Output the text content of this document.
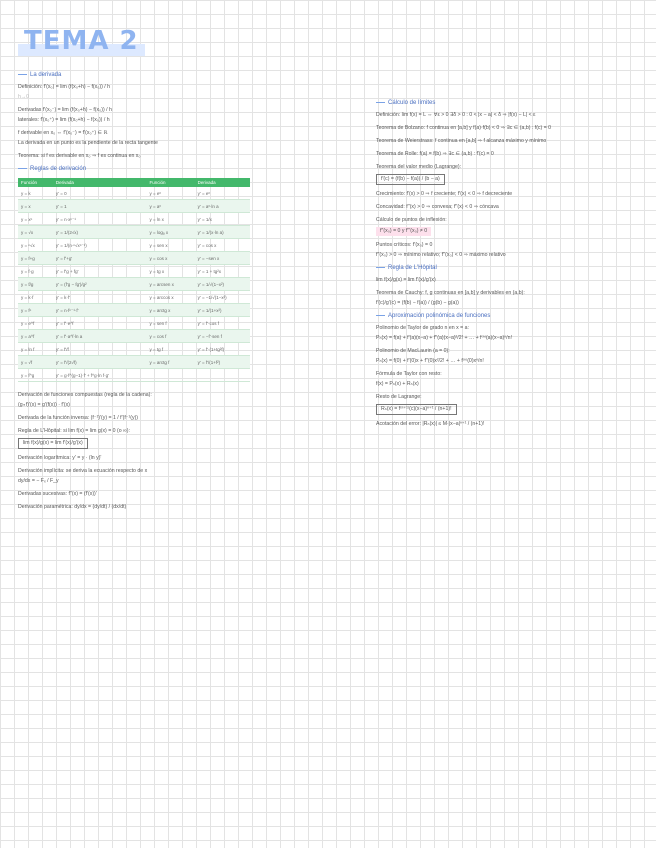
TEMA 2
La derivada
Definición: f'(x₀) = lim (f(x₀+h) − f(x₀)) / h
h→0
Derivadas f'(x₀⁻) = lim (f(x₀+h) − f(x₀)) / h
laterales: f'(x₀⁺) = lim (f(x₀+h) − f(x₀)) / h
f derivable en x₀ ⇔ f'(x₀⁻) = f'(x₀⁺) ∈ ℝ
La derivada en un punto es la pendiente de la recta tangente
Teorema: si f es derivable en x₀ ⇒ f es continua en x₀
Reglas de derivación
Función	Derivada	Función	Derivada
y = k	y' = 0	y = eˣ	y' = eˣ
y = x	y' = 1	y = aˣ	y' = aˣ·ln a
y = xⁿ	y' = n·xⁿ⁻¹	y = ln x	y' = 1/x
y = √x	y' = 1/(2√x)	y = logₐ x	y' = 1/(x·ln a)
y = ⁿ√x	y' = 1/(n·ⁿ√xⁿ⁻¹)	y = sen x	y' = cos x
y = f+g	y' = f'+g'	y = cos x	y' = −sen x
y = f·g	y' = f'g + fg'	y = tg x	y' = 1 + tg²x
y = f/g	y' = (f'g − fg')/g²	y = arcsen x	y' = 1/√(1−x²)
y = k·f	y' = k·f'	y = arccos x	y' = −1/√(1−x²)
y = fⁿ	y' = n·fⁿ⁻¹·f'	y = arctg x	y' = 1/(1+x²)
y = e^f	y' = f'·e^f	y = sen f	y' = f'·cos f
y = a^f	y' = f'·a^f·ln a	y = cos f	y' = −f'·sen f
y = ln f	y' = f'/f	y = tg f	y' = f'·(1+tg²f)
y = √f	y' = f'/(2√f)	y = arctg f	y' = f'/(1+f²)
y = f^g	y' = g·f^(g−1)·f' + f^g·ln f·g'		
Derivación de funciones compuestas (regla de la cadena):
(g∘f)'(x) = g'(f(x)) · f'(x)
Derivada de la función inversa: (f⁻¹)'(y) = 1 / f'(f⁻¹(y))
Regla de L'Hôpital: si lim f(x) = lim g(x) = 0 (o ∞):
lim f(x)/g(x) = lim f'(x)/g'(x)
Derivación logarítmica: y' = y · (ln y)'
Derivación implícita: se deriva la ecuación respecto de x
dy/dx = − Fₓ / F_y
Derivadas sucesivas: f''(x) = (f'(x))'
Derivación paramétrica: dy/dx = (dy/dt) / (dx/dt)
Cálculo de límites
Definición: lim f(x) = L ⇔ ∀ε > 0 ∃δ > 0 : 0 < |x − a| < δ ⇒ |f(x) − L| < ε
Teorema de Bolzano: f continua en [a,b] y f(a)·f(b) < 0 ⇒ ∃c ∈ (a,b) : f(c) = 0
Teorema de Weierstrass: f continua en [a,b] ⇒ f alcanza máximo y mínimo
Teorema de Rolle: f(a) = f(b) ⇒ ∃c ∈ (a,b) : f'(c) = 0
Teorema del valor medio (Lagrange):
f'(c) = (f(b) − f(a)) / (b − a)
Crecimiento: f'(x) > 0 ⇒ f creciente; f'(x) < 0 ⇒ f decreciente
Concavidad: f''(x) > 0 ⇒ convexa; f''(x) < 0 ⇒ cóncava
Cálculo de puntos de inflexión:
f''(x₀) = 0 y f'''(x₀) ≠ 0
Puntos críticos: f'(x₀) = 0
f''(x₀) > 0 ⇒ mínimo relativo; f''(x₀) < 0 ⇒ máximo relativo
Regla de L'Hôpital
lim f(x)/g(x) = lim f'(x)/g'(x)
Teorema de Cauchy: f, g continuas en [a,b] y derivables en (a,b):
f'(c)/g'(c) = (f(b) − f(a)) / (g(b) − g(a))
Aproximación polinómica de funciones
Polinomio de Taylor de grado n en x = a:
Pₙ(x) = f(a) + f'(a)(x−a) + f''(a)(x−a)²/2! + … + f⁽ⁿ⁾(a)(x−a)ⁿ/n!
Polinomio de MacLaurin (a = 0):
Pₙ(x) = f(0) + f'(0)x + f''(0)x²/2! + … + f⁽ⁿ⁾(0)xⁿ/n!
Fórmula de Taylor con resto:
f(x) = Pₙ(x) + Rₙ(x)
Resto de Lagrange:
Rₙ(x) = f⁽ⁿ⁺¹⁾(c)(x−a)ⁿ⁺¹ / (n+1)!
Acotación del error: |Rₙ(x)| ≤ M·|x−a|ⁿ⁺¹ / (n+1)!
